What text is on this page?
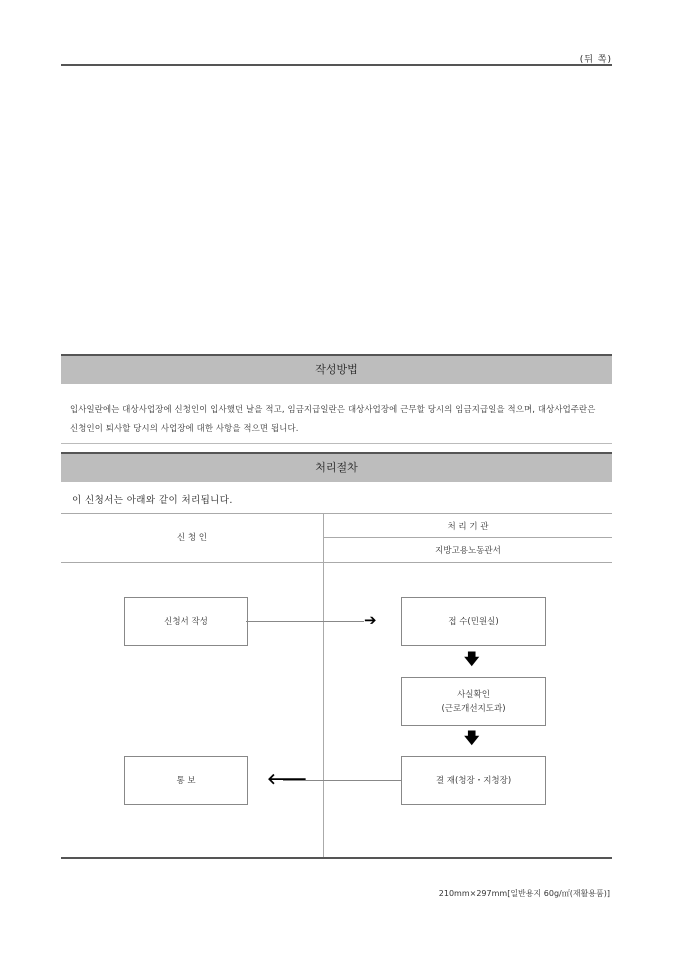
(뒤 쪽)
작성방법
입사일란에는 대상사업장에 신청인이 입사했던 날을 적고, 임금지급일란은 대상사업장에 근무할 당시의 임금지급일을 적으며, 대상사업주란은 신청인이 퇴사할 당시의 사업장에 대한 사항을 적으면 됩니다.
처리절차
이 신청서는 아래와 같이 처리됩니다.
신 청 인
처 리 기 관
지방고용노동관서
신청서 작성	접 수(민원실)
사실확인
(근로개선지도과)
결 재(청장・지청장)
통 보
➔
🡇
🡇
🡐
210mm×297mm[일반용지 60g/㎡(재활용품)]
